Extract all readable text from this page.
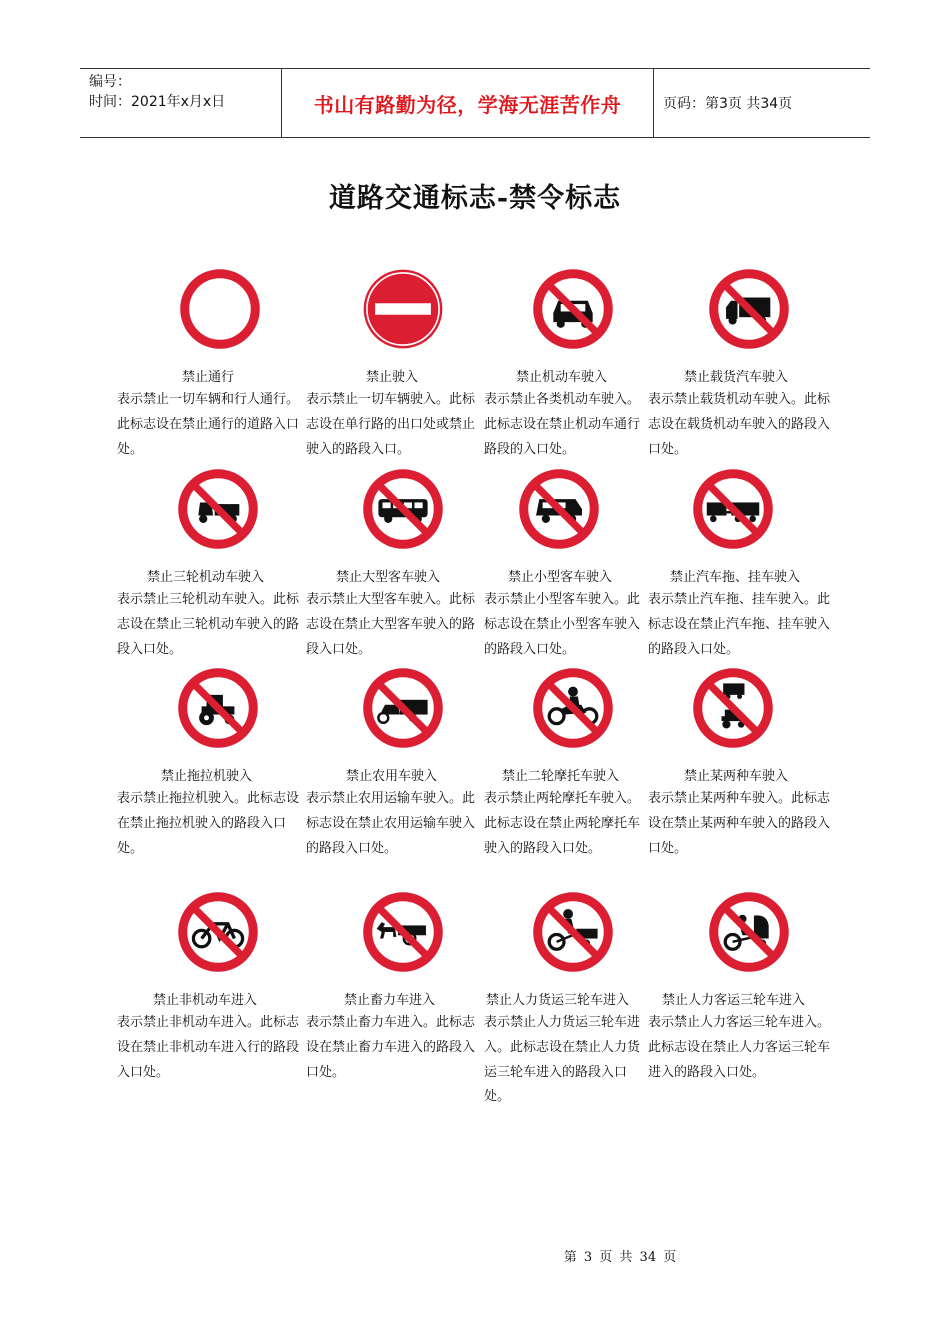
编号：
时间：2021年x月x日	书山有路勤为径，学海无涯苦作舟	页码：第3页 共34页
道路交通标志-禁令标志
禁止通行
表示禁止一切车辆和行人通行。此标志设在禁止通行的道路入口处。
禁止驶入
表示禁止一切车辆驶入。此标志设在单行路的出口处或禁止驶入的路段入口。
禁止机动车驶入
表示禁止各类机动车驶入。此标志设在禁止机动车通行路段的入口处。
禁止载货汽车驶入
表示禁止载货机动车驶入。此标志设在载货机动车驶入的路段入口处。
禁止三轮机动车驶入
表示禁止三轮机动车驶入。此标志设在禁止三轮机动车驶入的路段入口处。
禁止大型客车驶入
表示禁止大型客车驶入。此标志设在禁止大型客车驶入的路段入口处。
禁止小型客车驶入
表示禁止小型客车驶入。此标志设在禁止小型客车驶入的路段入口处。
禁止汽车拖、挂车驶入
表示禁止汽车拖、挂车驶入。此标志设在禁止汽车拖、挂车驶入的路段入口处。
禁止拖拉机驶入
表示禁止拖拉机驶入。此标志设在禁止拖拉机驶入的路段入口处。
禁止农用车驶入
表示禁止农用运输车驶入。此标志设在禁止农用运输车驶入的路段入口处。
禁止二轮摩托车驶入
表示禁止两轮摩托车驶入。此标志设在禁止两轮摩托车驶入的路段入口处。
禁止某两种车驶入
表示禁止某两种车驶入。此标志设在禁止某两种车驶入的路段入口处。
禁止非机动车进入
表示禁止非机动车进入。此标志设在禁止非机动车进入行的路段入口处。
禁止畜力车进入
表示禁止畜力车进入。此标志设在禁止畜力车进入的路段入口处。
禁止人力货运三轮车进入
表示禁止人力货运三轮车进入。此标志设在禁止人力货运三轮车进入的路段入口处。
禁止人力客运三轮车进入
表示禁止人力客运三轮车进入。此标志设在禁止人力客运三轮车进入的路段入口处。
第 3 页 共 34 页
